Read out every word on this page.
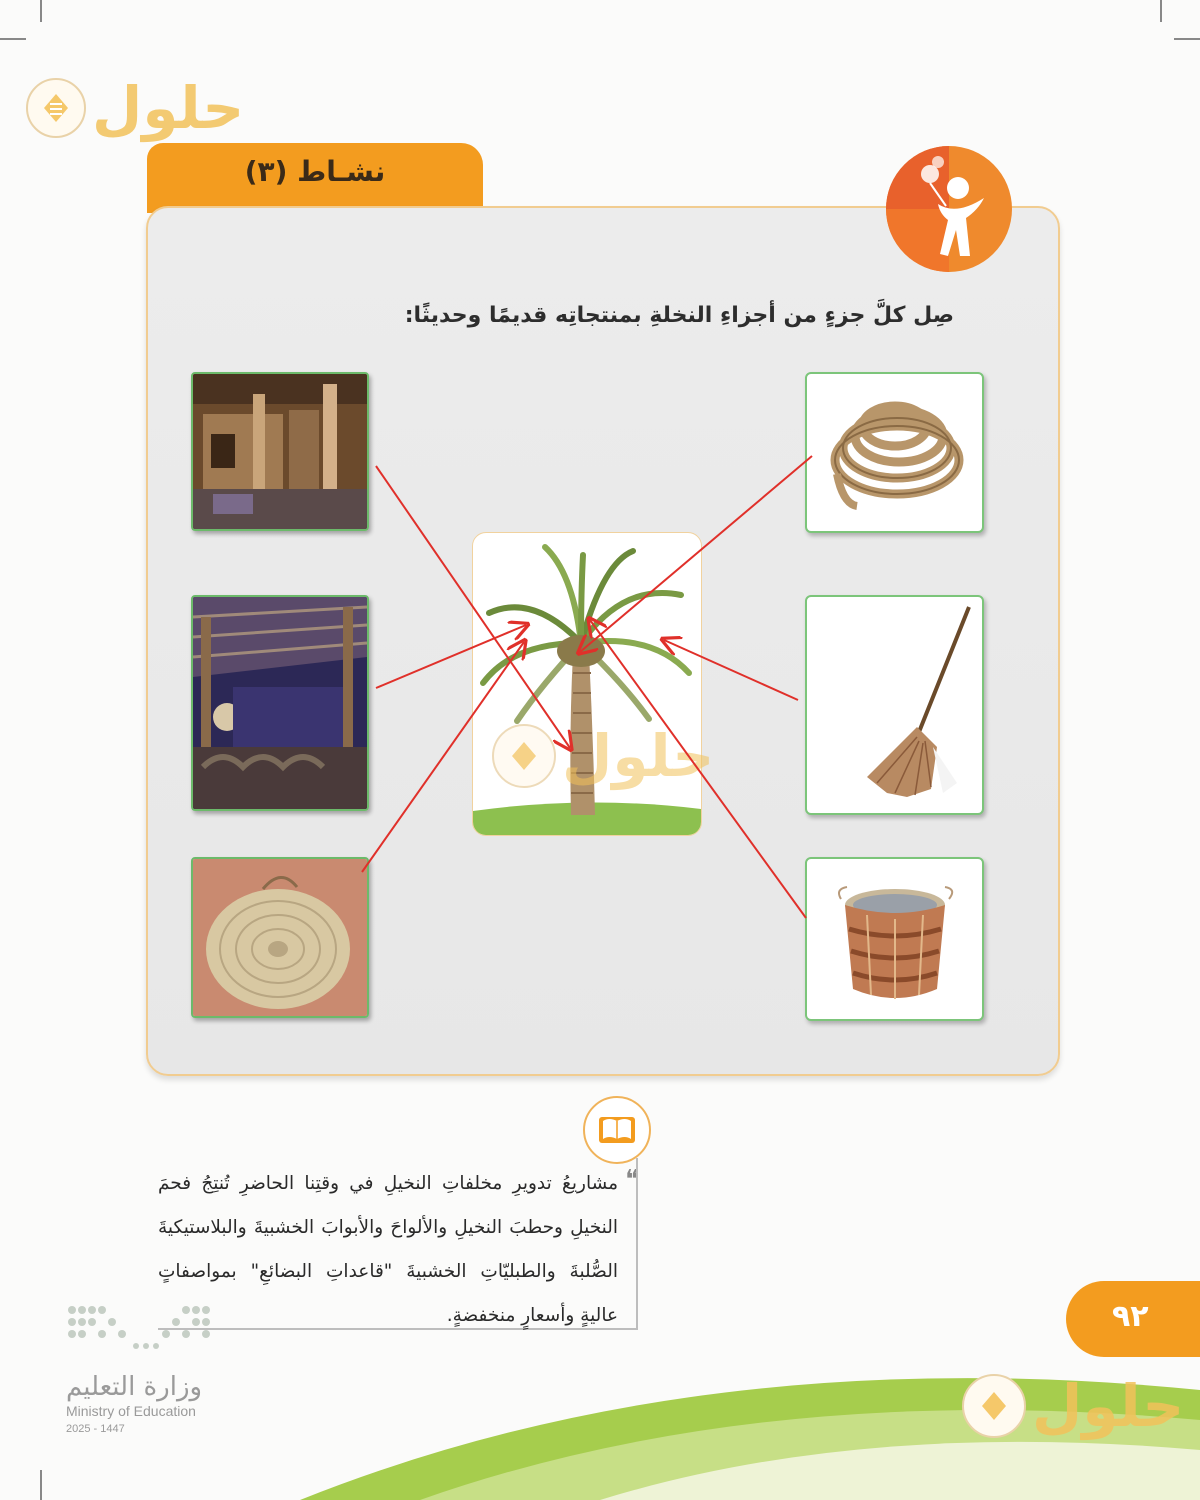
حلول
نشـاط (٣)
صِل كلَّ جزءٍ من أجزاءِ النخلةِ بمنتجاتِه قديمًا وحديثًا:
حلول
❝
مشاريعُ تدويرِ مخلفاتِ النخيلِ في وقتِنا الحاضرِ تُنتِجُ فحمَ النخيلِ وحطبَ النخيلِ والألواحَ والأبوابَ الخشبيةَ والبلاستيكيةَ الصُّلبةَ والطبليّاتِ الخشبيةَ "قاعداتِ البضائعِ" بمواصفاتٍ عاليةٍ وأسعارٍ منخفضةٍ.	٩٢
حلول
وزارة التعليم
Ministry of Education
2025 - 1447
